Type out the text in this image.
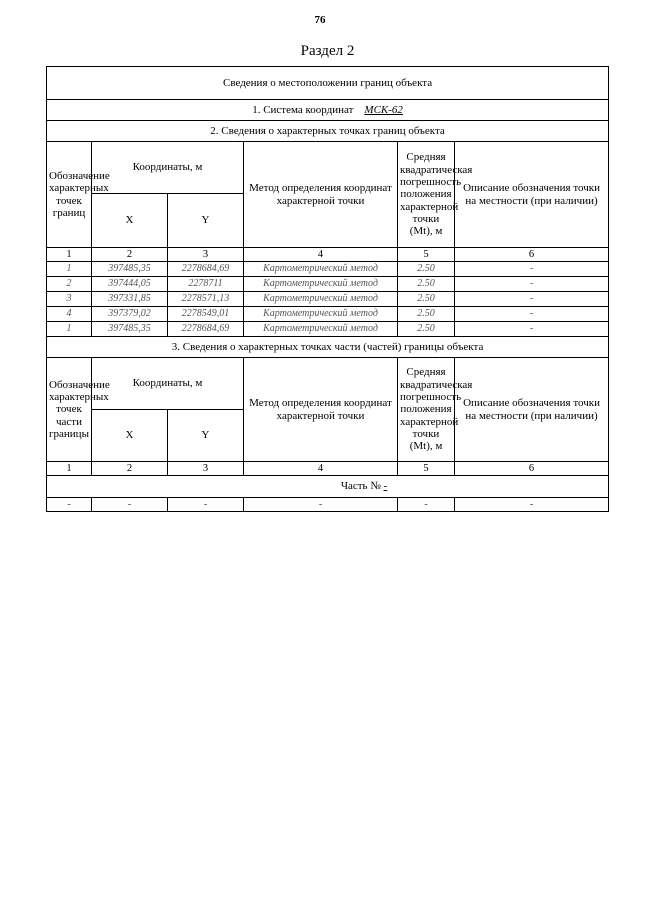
76
Раздел 2
Сведения о местоположении границ объекта					
1. Система координат МСК-62					
2. Сведения о характерных точках границ объекта					
Обозначение характерных точек границ	Координаты, м		Метод определения координат характерной точки	Средняя квадратическая погрешность положения характерной точки (Mt), м	Описание обозначения точки на местности (при наличии)
	X	Y			
1	2	3	4	5	6
1	397485,35	2278684,69	Картометрический метод	2.50	-
2	397444,05	2278711	Картометрический метод	2.50	-
3	397331,85	2278571,13	Картометрический метод	2.50	-
4	397379,02	2278549,01	Картометрический метод	2.50	-
1	397485,35	2278684,69	Картометрический метод	2.50	-
3. Сведения о характерных точках части (частей) границы объекта					
Обозначение характерных точек части границы	Координаты, м		Метод определения координат характерной точки	Средняя квадратическая погрешность положения характерной точки (Mt), м	Описание обозначения точки на местности (при наличии)
	X	Y			
1	2	3	4	5	6
Часть № -					
-	-	-	-	-	-
